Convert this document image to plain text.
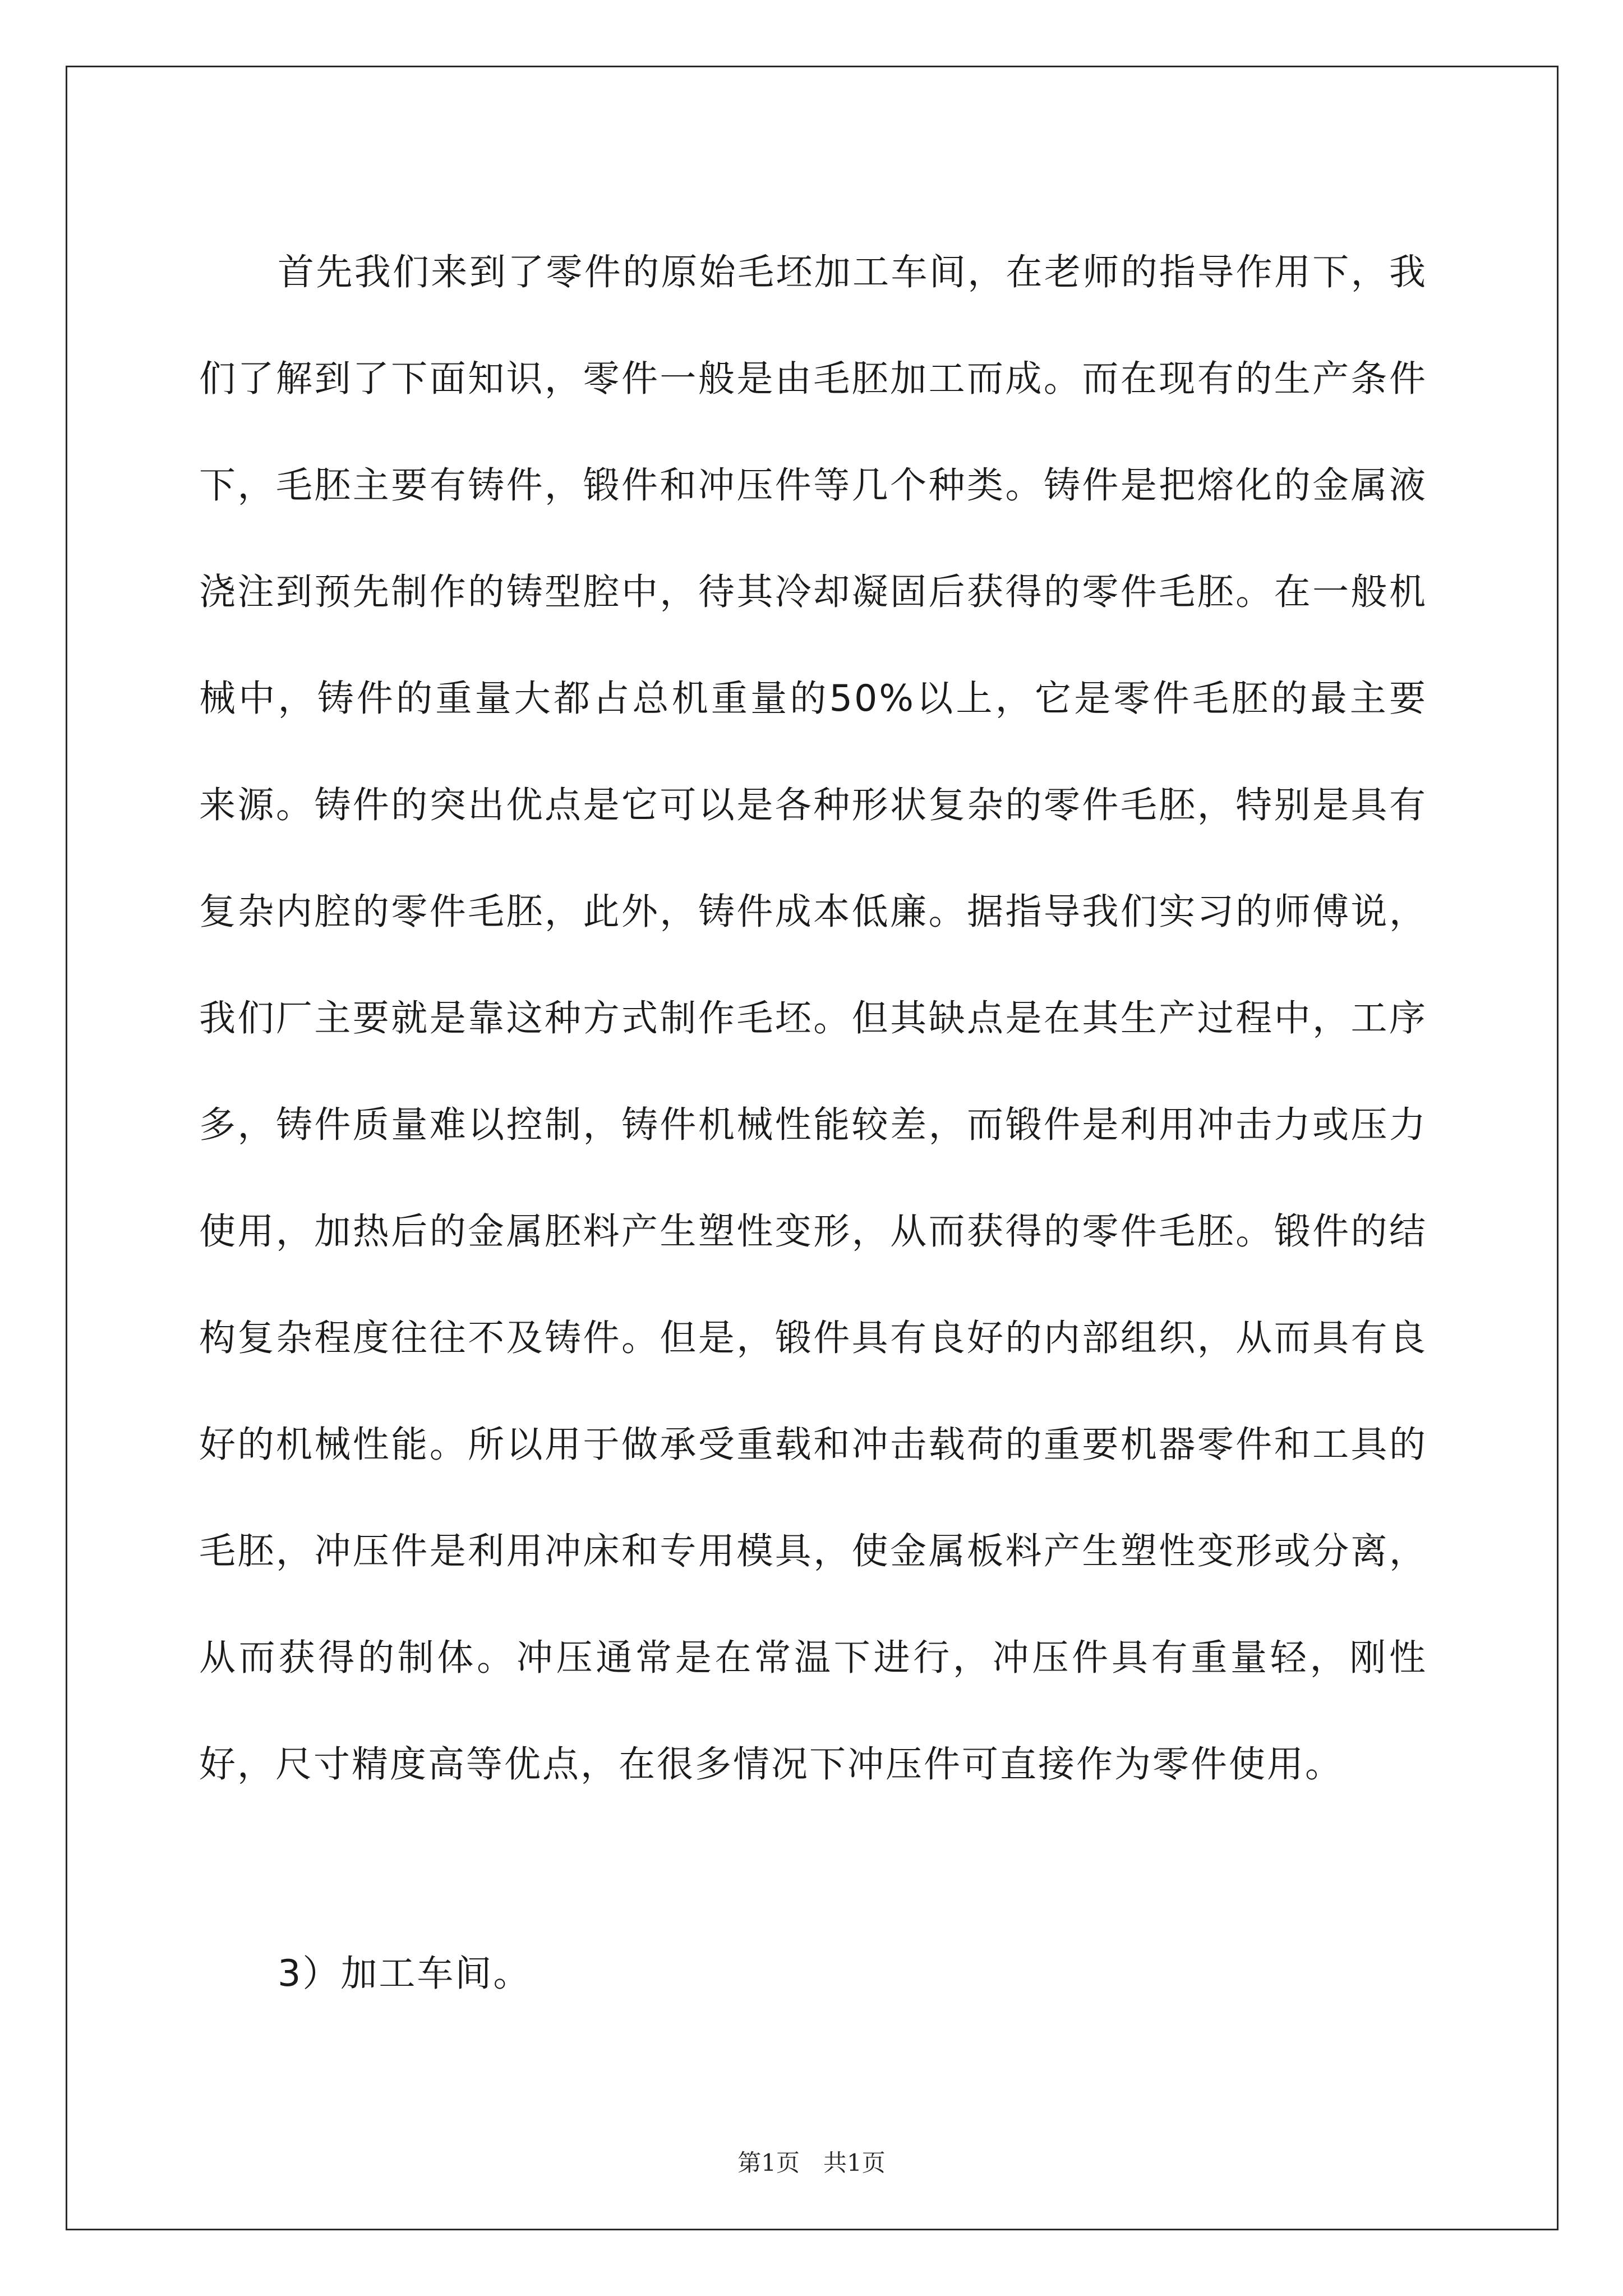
首先我们来到了零件的原始毛坯加工车间，在老师的指导作用下，我们了解到了下面知识，零件一般是由毛胚加工而成。而在现有的生产条件下，毛胚主要有铸件，锻件和冲压件等几个种类。铸件是把熔化的金属液浇注到预先制作的铸型腔中，待其冷却凝固后获得的零件毛胚。在一般机械中，铸件的重量大都占总机重量的50%以上，它是零件毛胚的最主要来源。铸件的突出优点是它可以是各种形状复杂的零件毛胚，特别是具有复杂内腔的零件毛胚，此外，铸件成本低廉。据指导我们实习的师傅说，我们厂主要就是靠这种方式制作毛坯。但其缺点是在其生产过程中，工序多，铸件质量难以控制，铸件机械性能较差，而锻件是利用冲击力或压力使用，加热后的金属胚料产生塑性变形，从而获得的零件毛胚。锻件的结构复杂程度往往不及铸件。但是，锻件具有良好的内部组织，从而具有良好的机械性能。所以用于做承受重载和冲击载荷的重要机器零件和工具的毛胚，冲压件是利用冲床和专用模具，使金属板料产生塑性变形或分离，从而获得的制体。冲压通常是在常温下进行，冲压件具有重量轻，刚性好，尺寸精度高等优点，在很多情况下冲压件可直接作为零件使用。

3）加工车间。

第1页 共1页
